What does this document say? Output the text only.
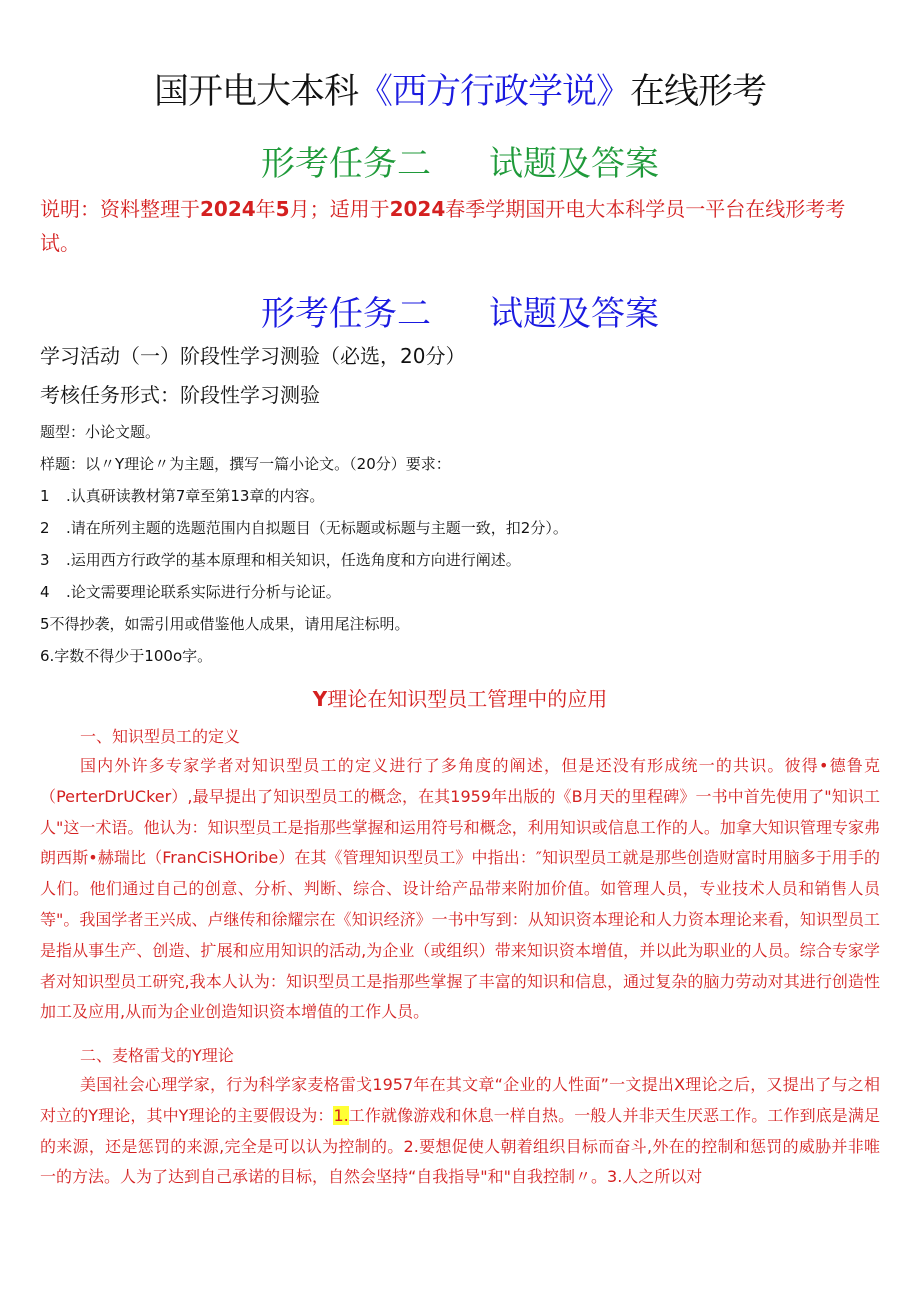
国开电大本科《西方行政学说》在线形考
形考任务二 试题及答案
说明：资料整理于2024年5月；适用于2024春季学期国开电大本科学员一平台在线形考考试。
形考任务二 试题及答案
学习活动（一）阶段性学习测验（必选，20分）
考核任务形式：阶段性学习测验
题型：小论文题。
样题：以〃Y理论〃为主题，撰写一篇小论文。（20分）要求：
1 .认真研读教材第7章至第13章的内容。
2 .请在所列主题的选题范围内自拟题目（无标题或标题与主题一致，扣2分）。
3 .运用西方行政学的基本原理和相关知识，任选角度和方向进行阐述。
4 .论文需要理论联系实际进行分析与论证。
5不得抄袭，如需引用或借鉴他人成果，请用尾注标明。
6.字数不得少于100o字。
Y理论在知识型员工管理中的应用
一、知识型员工的定义
国内外许多专家学者对知识型员工的定义进行了多角度的阐述，但是还没有形成统一的共识。彼得•德鲁克（PerterDrUCker）,最早提出了知识型员工的概念，在其1959年出版的《B月天的里程碑》一书中首先使用了"知识工人"这一术语。他认为：知识型员工是指那些掌握和运用符号和概念，利用知识或信息工作的人。加拿大知识管理专家弗朗西斯•赫瑞比（FranCiSHOribe）在其《管理知识型员工》中指出：″知识型员工就是那些创造财富时用脑多于用手的人们。他们通过自己的创意、分析、判断、综合、设计给产品带来附加价值。如管理人员，专业技术人员和销售人员等"。我国学者王兴成、卢继传和徐耀宗在《知识经济》一书中写到：从知识资本理论和人力资本理论来看，知识型员工是指从事生产、创造、扩展和应用知识的活动,为企业（或组织）带来知识资本增值，并以此为职业的人员。综合专家学者对知识型员工研究,我本人认为：知识型员工是指那些掌握了丰富的知识和信息，通过复杂的脑力劳动对其进行创造性加工及应用,从而为企业创造知识资本增值的工作人员。
二、麦格雷戈的Y理论
美国社会心理学家，行为科学家麦格雷戈1957年在其文章“企业的人性面”一文提出X理论之后，又提出了与之相对立的Y理论，其中Y理论的主要假设为：1.工作就像游戏和休息一样自热。一般人并非天生厌恶工作。工作到底是满足的来源，还是惩罚的来源,完全是可以认为控制的。2.要想促使人朝着组织目标而奋斗,外在的控制和惩罚的威胁并非唯一的方法。人为了达到自己承诺的目标，自然会坚持“自我指导"和"自我控制〃。3.人之所以对
